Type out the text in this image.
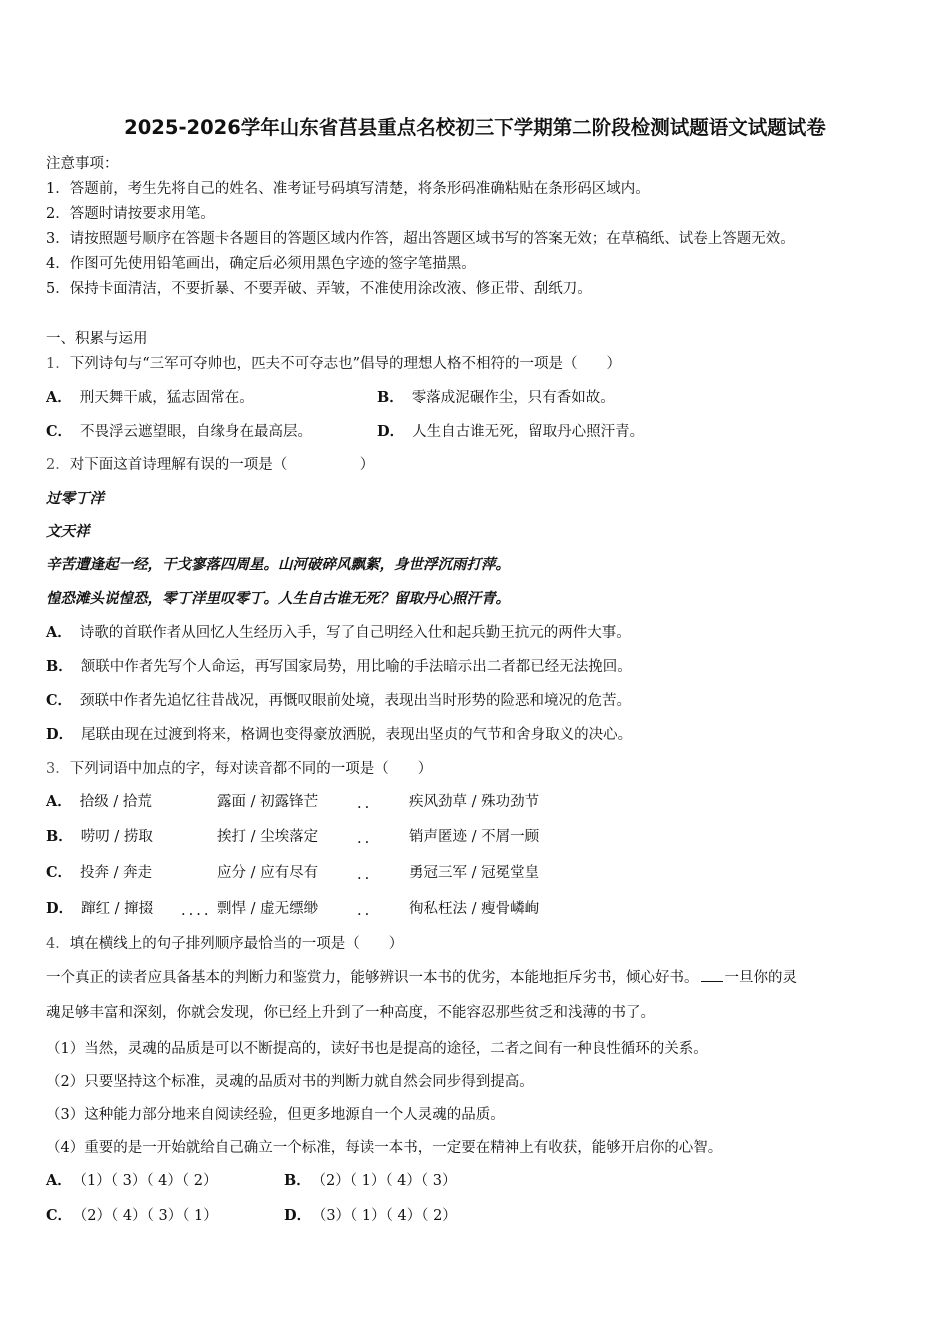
2025-2026学年山东省莒县重点名校初三下学期第二阶段检测试题语文试题试卷
注意事项：
1．答题前，考生先将自己的姓名、准考证号码填写清楚，将条形码准确粘贴在条形码区域内。
2．答题时请按要求用笔。
3．请按照题号顺序在答题卡各题目的答题区域内作答，超出答题区域书写的答案无效；在草稿纸、试卷上答题无效。
4．作图可先使用铅笔画出，确定后必须用黑色字迹的签字笔描黑。
5．保持卡面清洁，不要折暴、不要弄破、弄皱，不准使用涂改液、修正带、刮纸刀。
一、积累与运用
1．下列诗句与“三军可夺帅也，匹夫不可夺志也”倡导的理想人格不相符的一项是（　　）
A． 刑天舞干戚，猛志固常在。	B． 零落成泥碾作尘，只有香如故。
C． 不畏浮云遮望眼，自缘身在最高层。	D． 人生自古谁无死，留取丹心照汗青。
2．对下面这首诗理解有误的一项是（　　　　　）
过零丁洋
文天祥
辛苦遭逢起一经，干戈寥落四周星。山河破碎风飘絮，身世浮沉雨打萍。
惶恐滩头说惶恐，零丁洋里叹零丁。人生自古谁无死？留取丹心照汗青。
A． 诗歌的首联作者从回忆人生经历入手，写了自己明经入仕和起兵勤王抗元的两件大事。
B． 颔联中作者先写个人命运，再写国家局势，用比喻的手法暗示出二者都已经无法挽回。
C． 颈联中作者先追忆往昔战况，再慨叹眼前处境，表现出当时形势的险恶和境况的危苦。
D． 尾联由现在过渡到将来，格调也变得豪放洒脱，表现出坚贞的气节和舍身取义的决心。
3．下列词语中加点的字，每对读音都不同的一项是（　　）
A． 拾级 / 拾荒	露面 / 初露锋芒	疾风劲草 / 殊功劲节
..
B． 唠叨 / 捞取	挨打 / 尘埃落定	销声匿迹 / 不屑一顾
..
C． 投奔 / 奔走	应分 / 应有尽有	勇冠三军 / 冠冕堂皇
..
D． 蹿红 / 撺掇	剽悍 / 虚无缥缈	徇私枉法 / 瘦骨嶙峋
....	..
4．填在横线上的句子排列顺序最恰当的一项是（　　）
一个真正的读者应具备基本的判断力和鉴赏力，能够辨识一本书的优劣，本能地拒斥劣书，倾心好书。 一旦你的灵
魂足够丰富和深刻，你就会发现，你已经上升到了一种高度，不能容忍那些贫乏和浅薄的书了。
（1）当然，灵魂的品质是可以不断提高的，读好书也是提高的途径，二者之间有一种良性循环的关系。
（2）只要坚持这个标准，灵魂的品质对书的判断力就自然会同步得到提高。
（3）这种能力部分地来自阅读经验，但更多地源自一个人灵魂的品质。
（4）重要的是一开始就给自己确立一个标准，每读一本书，一定要在精神上有收获，能够开启你的心智。
A． （1）（ 3）（ 4）（ 2）	B． （2）（ 1）（ 4）（ 3）
C． （2）（ 4）（ 3）（ 1）	D． （3）（ 1）（ 4）（ 2）
